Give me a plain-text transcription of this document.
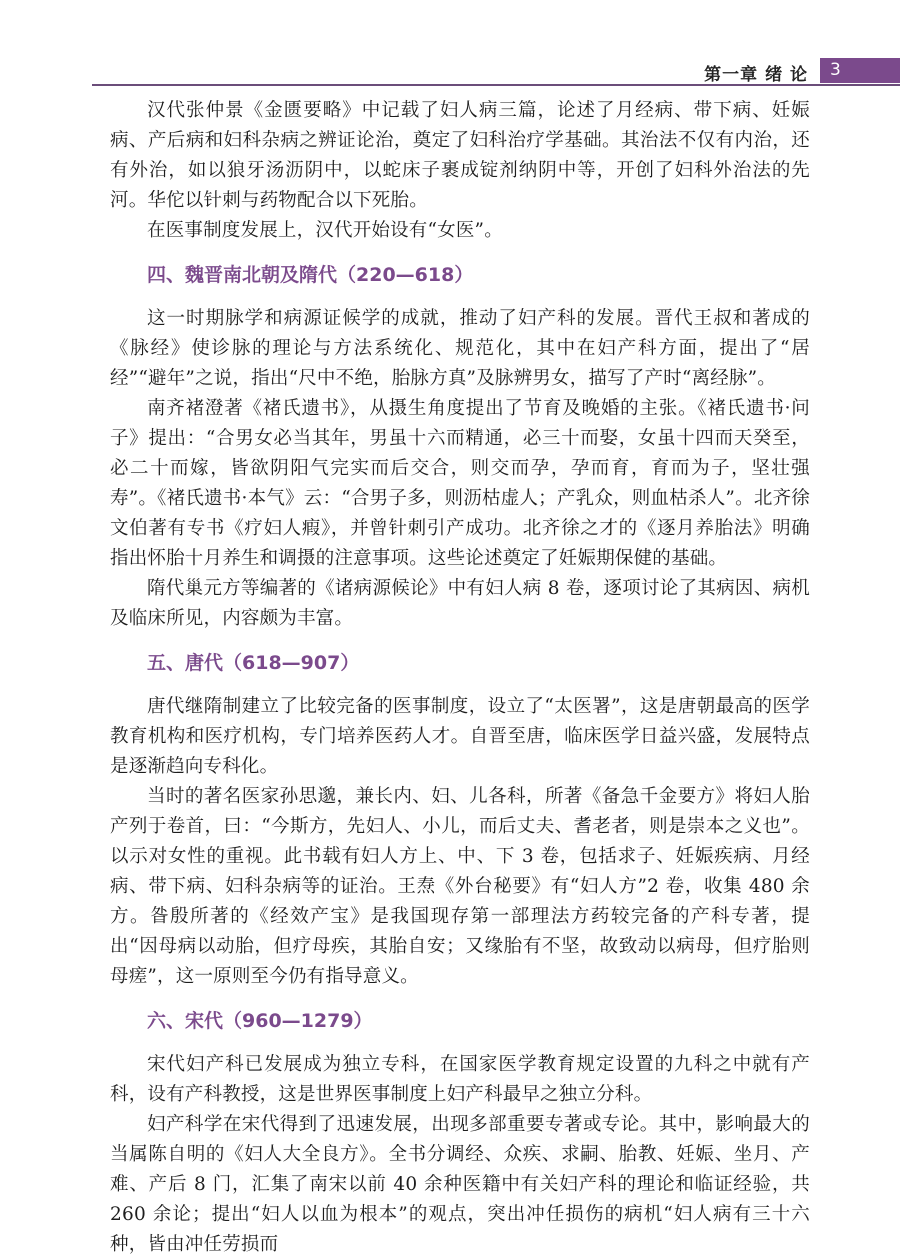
第一章 绪 论	3

汉代张仲景《金匮要略》中记载了妇人病三篇，论述了月经病、带下病、妊娠病、产后病和妇科杂病之辨证论治，奠定了妇科治疗学基础。其治法不仅有内治，还有外治，如以狼牙汤沥阴中，以蛇床子裹成锭剂纳阴中等，开创了妇科外治法的先河。华佗以针刺与药物配合以下死胎。

在医事制度发展上，汉代开始设有“女医”。

四、魏晋南北朝及隋代（220—618）

这一时期脉学和病源证候学的成就，推动了妇产科的发展。晋代王叔和著成的《脉经》使诊脉的理论与方法系统化、规范化，其中在妇产科方面，提出了“居经”“避年”之说，指出“尺中不绝，胎脉方真”及脉辨男女，描写了产时“离经脉”。

南齐褚澄著《褚氏遗书》，从摄生角度提出了节育及晚婚的主张。《褚氏遗书·问子》提出：“合男女必当其年，男虽十六而精通，必三十而娶，女虽十四而天癸至，必二十而嫁，皆欲阴阳气完实而后交合，则交而孕，孕而育，育而为子，坚壮强寿”。《褚氏遗书·本气》云：“合男子多，则沥枯虚人；产乳众，则血枯杀人”。北齐徐文伯著有专书《疗妇人瘕》，并曾针刺引产成功。北齐徐之才的《逐月养胎法》明确指出怀胎十月养生和调摄的注意事项。这些论述奠定了妊娠期保健的基础。

隋代巢元方等编著的《诸病源候论》中有妇人病 8 卷，逐项讨论了其病因、病机及临床所见，内容颇为丰富。

五、唐代（618—907）

唐代继隋制建立了比较完备的医事制度，设立了“太医署”，这是唐朝最高的医学教育机构和医疗机构，专门培养医药人才。自晋至唐，临床医学日益兴盛，发展特点是逐渐趋向专科化。

当时的著名医家孙思邈，兼长内、妇、儿各科，所著《备急千金要方》将妇人胎产列于卷首，曰：“今斯方，先妇人、小儿，而后丈夫、耆老者，则是崇本之义也”。以示对女性的重视。此书载有妇人方上、中、下 3 卷，包括求子、妊娠疾病、月经病、带下病、妇科杂病等的证治。王焘《外台秘要》有“妇人方”2 卷，收集 480 余方。昝殷所著的《经效产宝》是我国现存第一部理法方药较完备的产科专著，提出“因母病以动胎，但疗母疾，其胎自安；又缘胎有不坚，故致动以病母，但疗胎则母瘥”，这一原则至今仍有指导意义。

六、宋代（960—1279）

宋代妇产科已发展成为独立专科，在国家医学教育规定设置的九科之中就有产科，设有产科教授，这是世界医事制度上妇产科最早之独立分科。

妇产科学在宋代得到了迅速发展，出现多部重要专著或专论。其中，影响最大的当属陈自明的《妇人大全良方》。全书分调经、众疾、求嗣、胎教、妊娠、坐月、产难、产后 8 门，汇集了南宋以前 40 余种医籍中有关妇产科的理论和临证经验，共 260 余论；提出“妇人以血为根本”的观点，突出冲任损伤的病机“妇人病有三十六种，皆由冲任劳损而
